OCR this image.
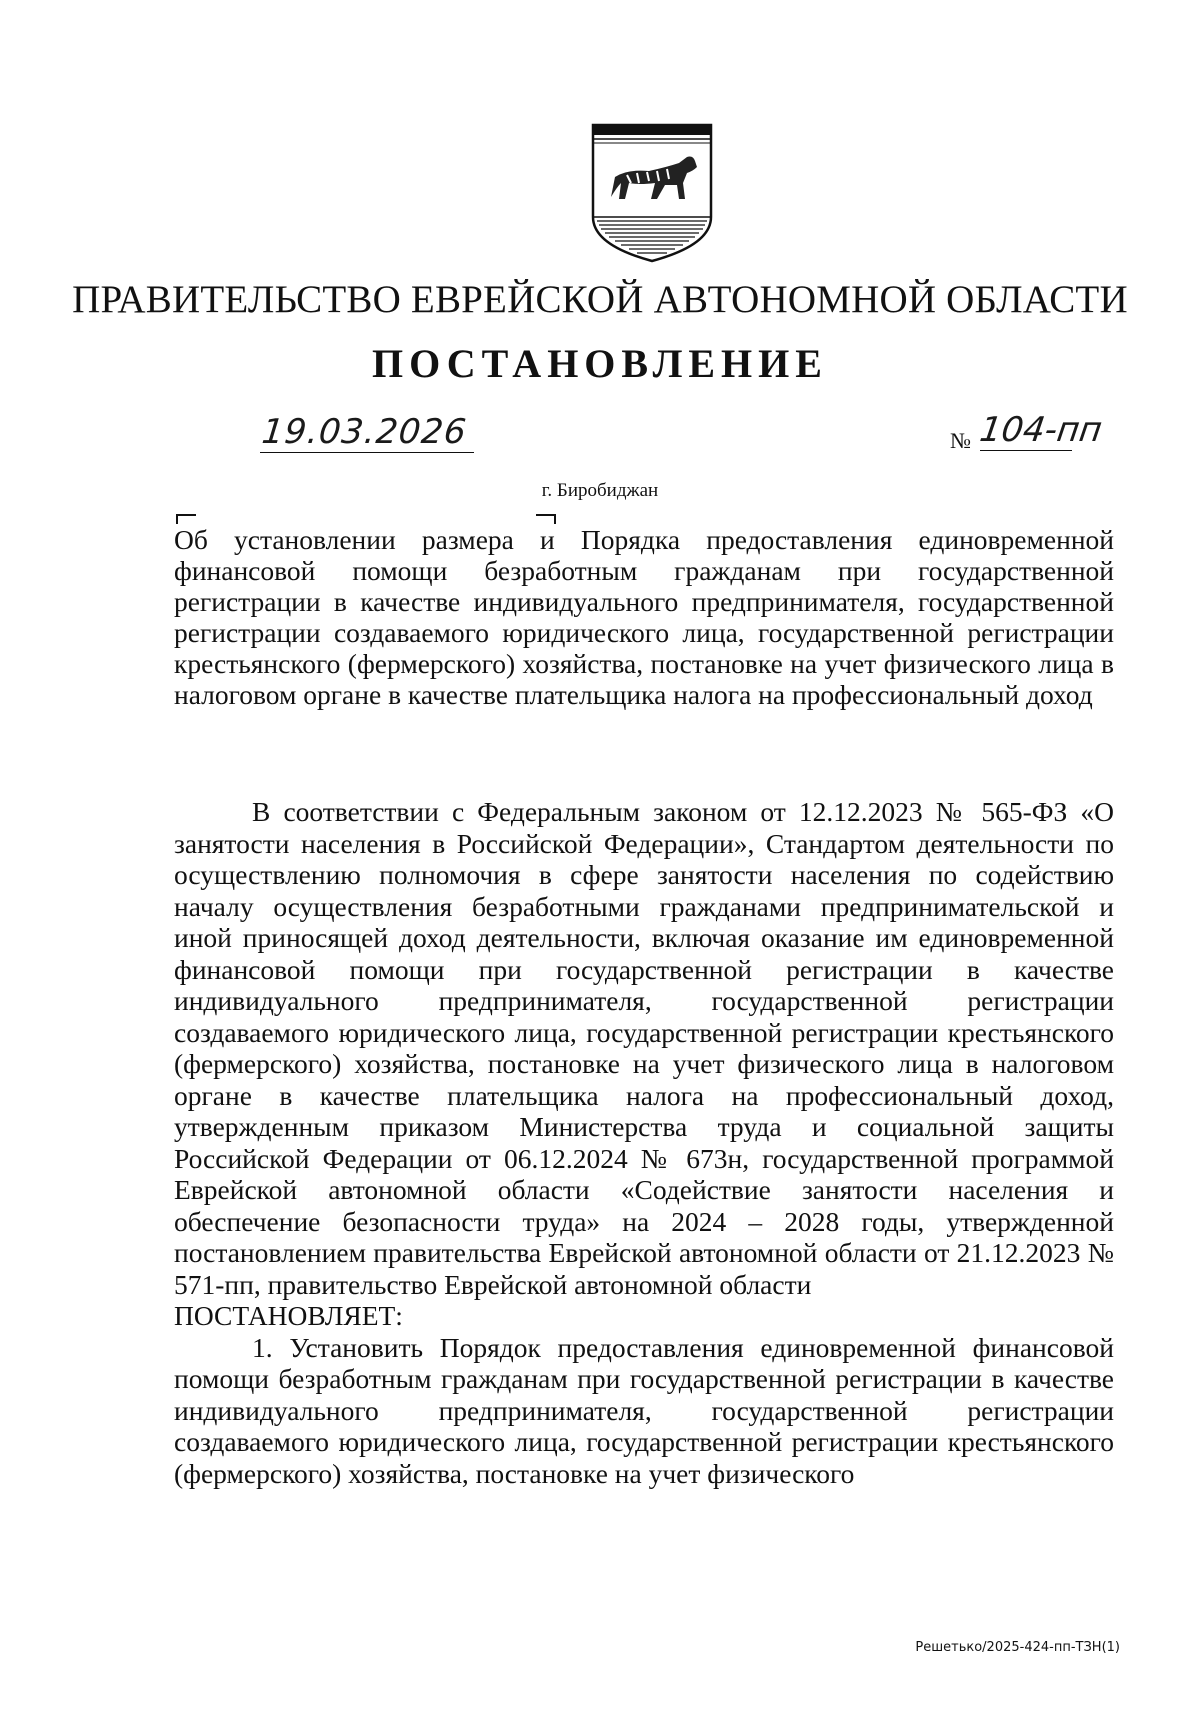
ПРАВИТЕЛЬСТВО ЕВРЕЙСКОЙ АВТОНОМНОЙ ОБЛАСТИ
ПОСТАНОВЛЕНИЕ
19.03.2026	№ 104-пп
г. Биробиджан
Об установлении размера и Порядка предоставления единовременной финансовой помощи безработным гражданам при государственной регистрации в качестве индивидуального предпринимателя, государственной регистрации создаваемого юридического лица, государственной регистрации крестьянского (фермерского) хозяйства, постановке на учет физического лица в налоговом органе в качестве плательщика налога на профессиональный доход

В соответствии с Федеральным законом от 12.12.2023 № 565-ФЗ «О занятости населения в Российской Федерации», Стандартом деятельности по осуществлению полномочия в сфере занятости населения по содействию началу осуществления безработными гражданами предпринимательской и иной приносящей доход деятельности, включая оказание им единовременной финансовой помощи при государственной регистрации в качестве индивидуального предпринимателя, государственной регистрации создаваемого юридического лица, государственной регистрации крестьянского (фермерского) хозяйства, постановке на учет физического лица в налоговом органе в качестве плательщика налога на профессиональный доход, утвержденным приказом Министерства труда и социальной защиты Российской Федерации от 06.12.2024 № 673н, государственной программой Еврейской автономной области «Содействие занятости населения и обеспечение безопасности труда» на 2024 – 2028 годы, утвержденной постановлением правительства Еврейской автономной области от 21.12.2023 № 571-пп, правительство Еврейской автономной области

ПОСТАНОВЛЯЕТ:

1. Установить Порядок предоставления единовременной финансовой помощи безработным гражданам при государственной регистрации в качестве индивидуального предпринимателя, государственной регистрации создаваемого юридического лица, государственной регистрации крестьянского (фермерского) хозяйства, постановке на учет физического

Решетько/2025-424-пп-ТЗН(1)
